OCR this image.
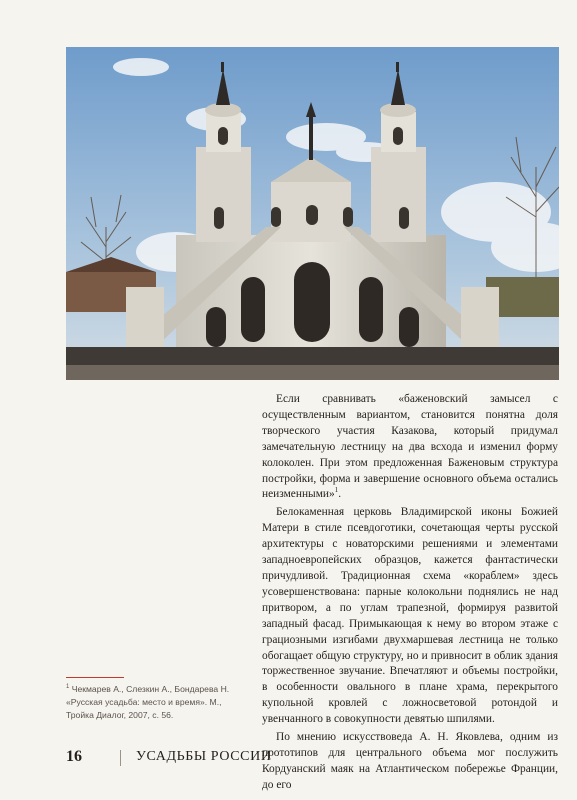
Если сравнивать «баженовский замысел с осуществленным вариантом, становится понятна доля творческого участия Казакова, который придумал замечательную лестницу на два всхода и изменил форму колоколен. При этом предложенная Баженовым структура постройки, форма и завершение основного объема остались неизменными»$^1$.

Белокаменная церковь Владимирской иконы Божией Матери в стиле псевдоготики, сочетающая черты русской архитектуры с новаторскими решениями и элементами западноевропейских образцов, кажется фантастически причудливой. Традиционная схема «кораблем» здесь усовершенствована: парные колокольни поднялись не над притвором, а по углам трапезной, формируя развитой западный фасад. Примыкающая к нему во втором этаже с грациозными изгибами двухмаршевая лестница не только обогащает общую структуру, но и привносит в облик здания торжественное звучание. Впечатляют и объемы постройки, в особенности овального в плане храма, перекрытого купольной кровлей с ложносветовой ротондой и увенчанного в совокупности девятью шпилями.

По мнению искусствоведа А. Н. Яковлева, одним из прототипов для центрального объема мог послужить Кордуанский маяк на Атлантическом побережье Франции, до его

$^1$ Чекмарев А., Слезкин А., Бондарева Н. «Русская усадьба: место и время». М., Тройка Диалог, 2007, с. 56.

16	УСАДЬБЫ РОССИИ
